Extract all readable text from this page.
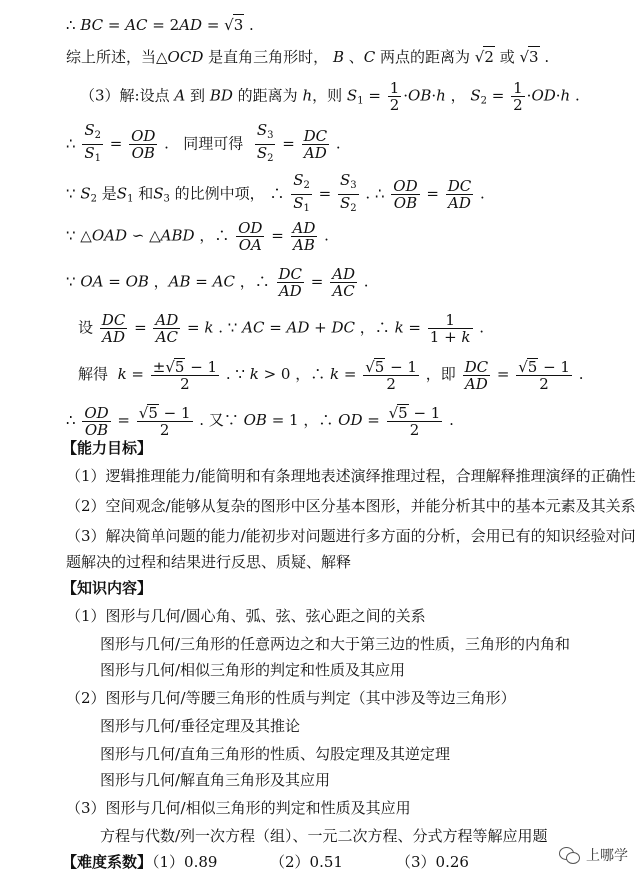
∴ BC = AC = 2AD = √3 .
综上所述，当△OCD 是直角三角形时， B 、C 两点的距离为 √2 或 √3 .
（3）解:设点 A 到 BD 的距离为 h，则 $S_1 = \frac{1}{2} \cdot OB\cdot h$ ， $S_2 = \frac{1}{2} \cdot OD\cdot h$ .
∴ $\frac{S_2}{S_1} = \frac{OD}{OB}$ .   同理可得 $\frac{S_3}{S_2} = \frac{DC}{AD}$ .
∵ $S_2$ 是$S_1$ 和$S_3$ 的比例中项， ∴ $\frac{S_2}{S_1} = \frac{S_3}{S_2}$ . ∴ $\frac{OD}{OB} = \frac{DC}{AD}$ .
∵ △OAD ∽ △ABD ，∴ $\frac{OD}{OA} = \frac{AD}{AB}$ .
∵ OA = OB ，AB = AC ，∴ $\frac{DC}{AD} = \frac{AD}{AC}$ .
设 $\frac{DC}{AD} = \frac{AD}{AC} = k$ . ∵ AC = AD + DC ，∴ $k = \frac{1}{1 + k}$ .
解得 $k = \frac{\pm√5 - 1}{2}$ . ∵ k > 0 ，∴ $k = \frac{√5 - 1}{2}$ ，即 $\frac{DC}{AD} = \frac{√5 - 1}{2}$ .
∴ $\frac{OD}{OB} = \frac{√5 - 1}{2}$ . 又∵ OB = 1 ，∴ OD = $\frac{√5 - 1}{2}$ .
【能力目标】
（1）逻辑推理能力/能简明和有条理地表述演绎推理过程，合理解释推理演绎的正确性
（2）空间观念/能够从复杂的图形中区分基本图形，并能分析其中的基本元素及其关系
（3）解决简单问题的能力/能初步对问题进行多方面的分析，会用已有的知识经验对问
题解决的过程和结果进行反思、质疑、解释
【知识内容】
（1）图形与几何/圆心角、弧、弦、弦心距之间的关系
图形与几何/三角形的任意两边之和大于第三边的性质，三角形的内角和
图形与几何/相似三角形的判定和性质及其应用
（2）图形与几何/等腰三角形的性质与判定（其中涉及等边三角形）
图形与几何/垂径定理及其推论
图形与几何/直角三角形的性质、勾股定理及其逆定理
图形与几何/解直角三角形及其应用
（3）图形与几何/相似三角形的判定和性质及其应用
方程与代数/列一次方程（组）、一元二次方程、分式方程等解应用题
【难度系数】（1）0.89	（2）0.51	（3）0.26	上哪学
